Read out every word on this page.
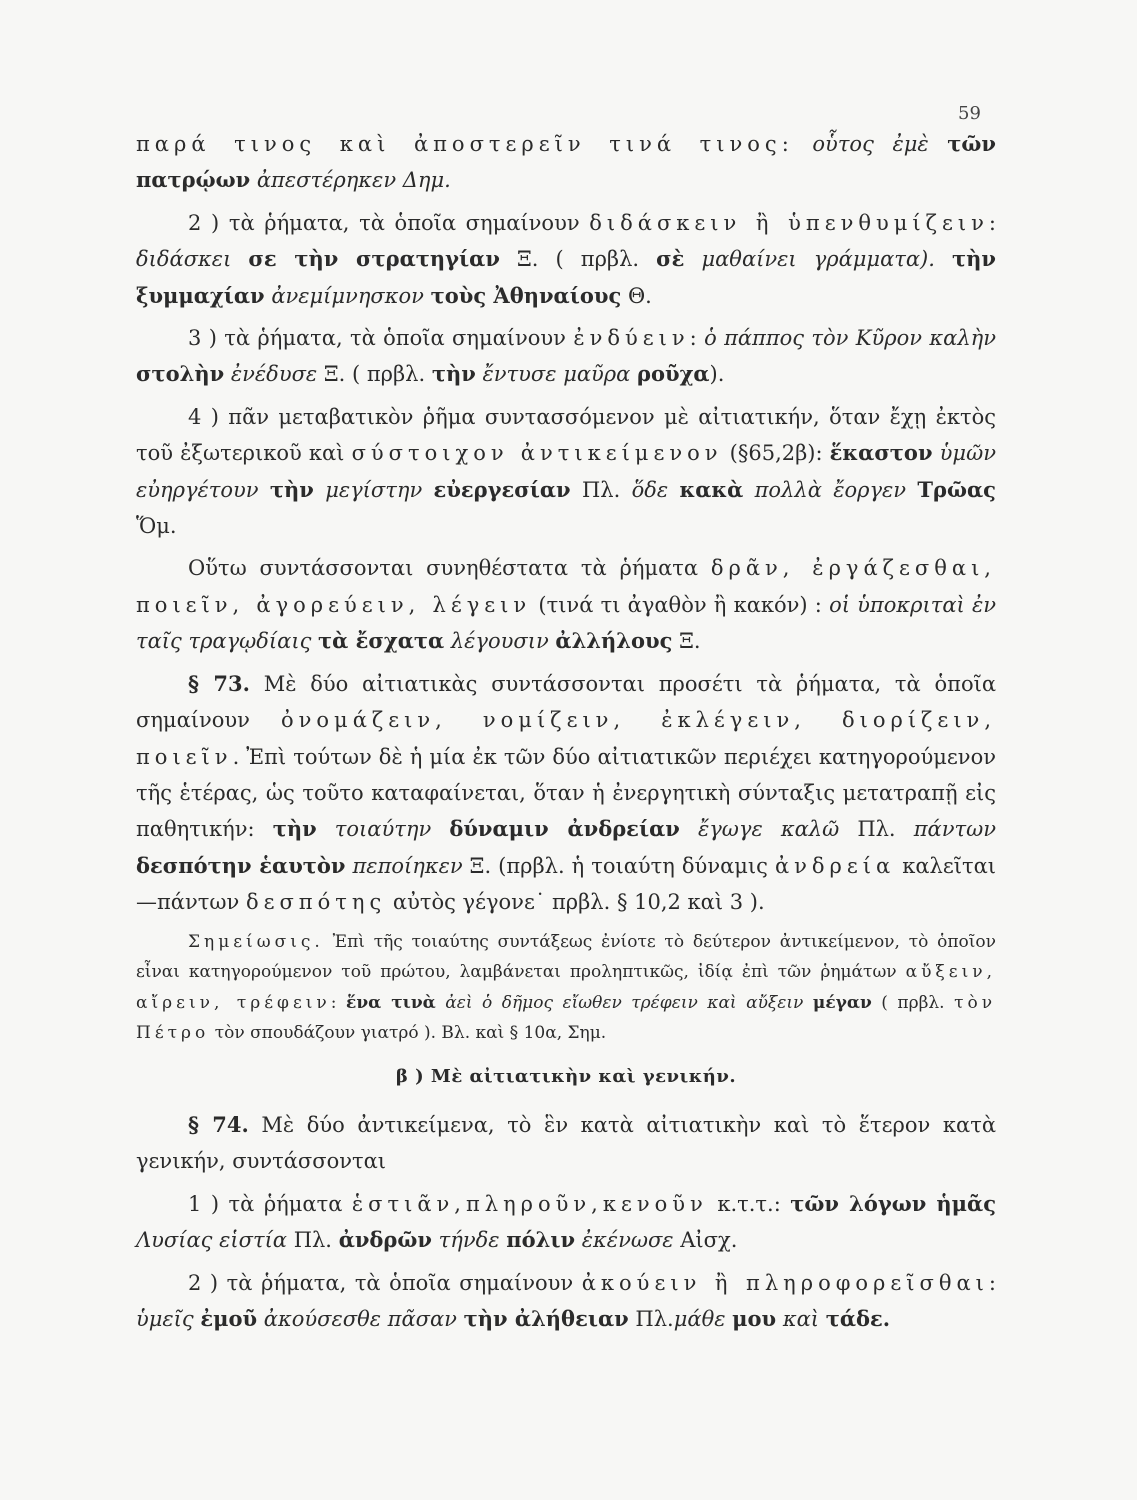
59

παρά τινος καὶ ἀποστερεῖν τινά τινος: οὗτος ἐμὲ τῶν πατρῴων ἀπεστέρηκεν Δημ.

2 ) τὰ ῥήματα, τὰ ὁποῖα σημαίνουν διδάσκειν ἢ ὑπενθυμίζειν: διδάσκει σε τὴν στρατηγίαν Ξ. ( πρβλ. σὲ μαθαίνει γράμματα). τὴν ξυμμαχίαν ἀνεμίμνησκον τοὺς Ἀθηναίους Θ.

3 ) τὰ ῥήματα, τὰ ὁποῖα σημαίνουν ἐνδύειν: ὁ πάππος τὸν Κῦρον καλὴν στολὴν ἐνέδυσε Ξ. ( πρβλ. τὴν ἔντυσε μαῦρα ροῦχα).

4 ) πᾶν μεταβατικὸν ῥῆμα συντασσόμενον μὲ αἰτιατικήν, ὅταν ἔχῃ ἐκτὸς τοῦ ἐξωτερικοῦ καὶ σύστοιχον ἀντικείμενον (§65,2β): ἕκαστον ὑμῶν εὐηργέτουν τὴν μεγίστην εὐεργεσίαν Πλ. ὅδε κακὰ πολλὰ ἔοργεν Τρῶας Ὅμ.

Οὕτω συντάσσονται συνηθέστατα τὰ ῥήματα δρᾶν, ἐργάζεσθαι, ποιεῖν, ἀγορεύειν, λέγειν (τινά τι ἀγαθὸν ἢ κακόν) : οἱ ὑποκριταὶ ἐν ταῖς τραγῳδίαις τὰ ἔσχατα λέγουσιν ἀλλήλους Ξ.

§ 73. Μὲ δύο αἰτιατικὰς συντάσσονται προσέτι τὰ ῥήματα, τὰ ὁποῖα σημαίνουν ὀνομάζειν, νομίζειν, ἐκλέγειν, διορίζειν, ποιεῖν. Ἐπὶ τούτων δὲ ἡ μία ἐκ τῶν δύο αἰτιατικῶν περιέχει κατηγορούμενον τῆς ἑτέρας, ὡς τοῦτο καταφαίνεται, ὅταν ἡ ἐνεργητικὴ σύνταξις μετατραπῇ εἰς παθητικήν: τὴν τοιαύτην δύναμιν ἀνδρείαν ἔγωγε καλῶ Πλ. πάντων δεσπότην ἑαυτὸν πεποίηκεν Ξ. (πρβλ. ἡ τοιαύτη δύναμις ἀνδρεία καλεῖται—πάντων δεσπότης αὐτὸς γέγονε˙ πρβλ. § 10,2 καὶ 3 ).

Σημείωσις. Ἐπὶ τῆς τοιαύτης συντάξεως ἐνίοτε τὸ δεύτερον ἀντικείμενον, τὸ ὁποῖον εἶναι κατηγορούμενον τοῦ πρώτου, λαμβάνεται προληπτικῶς, ἰδίᾳ ἐπὶ τῶν ῥημάτων αὔξειν, αἴρειν, τρέφειν: ἕνα τινὰ ἀεὶ ὁ δῆμος εἴωθεν τρέφειν καὶ αὔξειν μέγαν ( πρβλ. τὸν Πέτρο τὸν σπουδάζουν γιατρό ). Βλ. καὶ § 10α, Σημ.

β ) Μὲ αἰτιατικὴν καὶ γενικήν.

§ 74. Μὲ δύο ἀντικείμενα, τὸ ἓν κατὰ αἰτιατικὴν καὶ τὸ ἕτερον κατὰ γενικήν, συντάσσονται

1 ) τὰ ῥήματα ἑστιᾶν,πληροῦν,κενοῦν κ.τ.τ.: τῶν λόγων ἡμᾶς Λυσίας εἱστία Πλ. ἀνδρῶν τήνδε πόλιν ἐκένωσε Αἰσχ.

2 ) τὰ ῥήματα, τὰ ὁποῖα σημαίνουν ἀκούειν ἢ πληροφορεῖσθαι: ὑμεῖς ἐμοῦ ἀκούσεσθε πᾶσαν τὴν ἀλήθειαν Πλ.μάθε μου καὶ τάδε.
